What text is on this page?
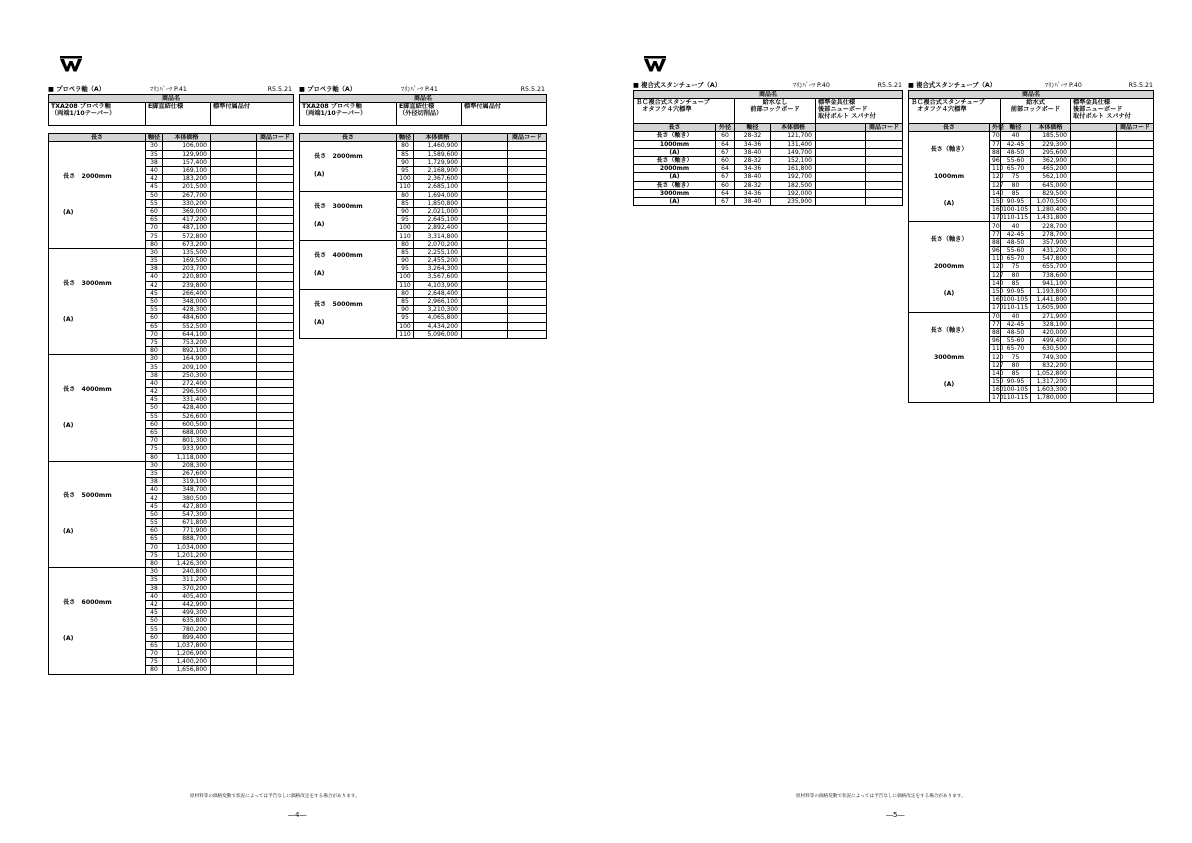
■ プロペラ軸（A）	ﾏﾘﾝﾊﾟｰﾂ P.41	R5.5.21
商品名				
TXA208 プロペラ軸
（両端1/10テーパー）	E脚直結仕様		標準付属品付	

長さ	軸径	本体価格		商品コード
長さ　2000mm

(A)	30	106,000		
	35	129,900		
	38	157,400		
	40	169,100		
	42	183,200		
	45	201,500		
	50	267,700		
	55	330,200		
	60	369,000		
	65	417,200		
	70	487,100		
	75	572,800		
	80	673,200		
長さ　3000mm

(A)	30	135,500		
	35	169,500		
	38	203,700		
	40	220,800		
	42	239,800		
	45	266,400		
	50	348,000		
	55	428,300		
	60	484,600		
	65	552,500		
	70	644,100		
	75	753,200		
	80	892,100		
長さ　4000mm

(A)	30	164,900		
	35	209,100		
	38	250,300		
	40	272,400		
	42	296,500		
	45	331,400		
	50	428,400		
	55	526,600		
	60	600,500		
	65	688,000		
	70	801,300		
	75	933,900		
	80	1,118,000		
長さ　5000mm

(A)	30	208,300		
	35	267,600		
	38	319,100		
	40	348,700		
	42	380,500		
	45	427,800		
	50	547,300		
	55	671,800		
	60	771,900		
	65	888,700		
	70	1,034,000		
	75	1,201,200		
	80	1,426,300		
長さ　6000mm

(A)	30	240,800		
	35	311,200		
	38	370,200		
	40	405,400		
	42	442,900		
	45	499,300		
	50	635,800		
	55	780,200		
	60	899,400		
	65	1,037,800		
	70	1,206,900		
	75	1,400,200		
	80	1,656,800		
■ プロペラ軸（A）	ﾏﾘﾝﾊﾟｰﾂ P.41	R5.5.21
商品名				
TXA208 プロペラ軸
（両端1/10テーパー）	E脚直結仕様
（外径切削品）		標準付属品付	

長さ	軸径	本体価格		商品コード
長さ　2000mm
(A)	80	1,460,900		
	85	1,589,600		
	90	1,729,900		
	95	2,168,900		
	100	2,367,600		
	110	2,685,100		
長さ　3000mm
(A)	80	1,694,000		
	85	1,850,800		
	90	2,021,000		
	95	2,645,100		
	100	2,892,400		
	110	3,314,800		
長さ　4000mm
(A)	80	2,070,200		
	85	2,255,100		
	90	2,455,200		
	95	3,264,300		
	100	3,567,600		
	110	4,103,900		
長さ　5000mm
(A)	80	2,648,400		
	85	2,966,100		
	90	3,210,300		
	95	4,065,800		
	100	4,434,200		
	110	5,096,000		
原材料等の価格変動で状況によっては予告なしに価格改定をする場合があります。
―4―
■ 複合式スタンチューブ（A）	ﾏﾘﾝﾊﾟｰﾂ P.40	R5.5.21
商品名					
ＢＣ複合式スタンチューブ
　オタフク４穴標準		給水なし
前部コックボード		標準金具仕様
後部ニューボード
取付ボルト スパナ付	
長さ	外径	軸径	本体価格		商品コード
長さ（軸き）	60	28-32	121,700		
1000mm	64	34-36	131,400		
(A)	67	38-40	149,700		
長さ（軸き）	60	28-32	152,100		
2000mm	64	34-36	161,800		
(A)	67	38-40	192,700		
長さ（軸き）	60	28-32	182,500		
3000mm	64	34-36	192,000		
(A)	67	38-40	235,900		
■ 複合式スタンチューブ（A）	ﾏﾘﾝﾊﾟｰﾂ P.40	R5.5.21
商品名					
ＢＣ複合式スタンチューブ
　オタフク４穴標準		給水式
前部コックボード		標準金具仕様
後部ニューボード
取付ボルト スパナ付	
長さ	外径	軸径	本体価格		商品コード
長さ（軸き）

1000mm

(A)	70	40	185,500		
	77	42-45	229,300		
	88	48-50	295,600		
	96	55-60	362,900		
	110	65-70	465,200		
	120	75	562,100		
	127	80	645,000		
	140	85	829,500		
	150	90-95	1,070,500		
	160	100-105	1,280,400		
	170	110-115	1,431,800		
長さ（軸き）

2000mm

(A)	70	40	228,700		
	77	42-45	278,700		
	88	48-50	357,900		
	96	55-60	431,200		
	110	65-70	547,800		
	120	75	655,700		
	127	80	738,600		
	140	85	941,100		
	150	90-95	1,193,800		
	160	100-105	1,441,800		
	170	110-115	1,605,900		
長さ（軸き）

3000mm

(A)	70	40	271,900		
	77	42-45	328,100		
	88	48-50	420,000		
	96	55-60	499,400		
	110	65-70	630,500		
	120	75	749,300		
	127	80	832,200		
	140	85	1,052,800		
	150	90-95	1,317,200		
	160	100-105	1,603,300		
	170	110-115	1,780,000		
原材料等の価格変動で状況によっては予告なしに価格改定をする場合があります。
―5―
